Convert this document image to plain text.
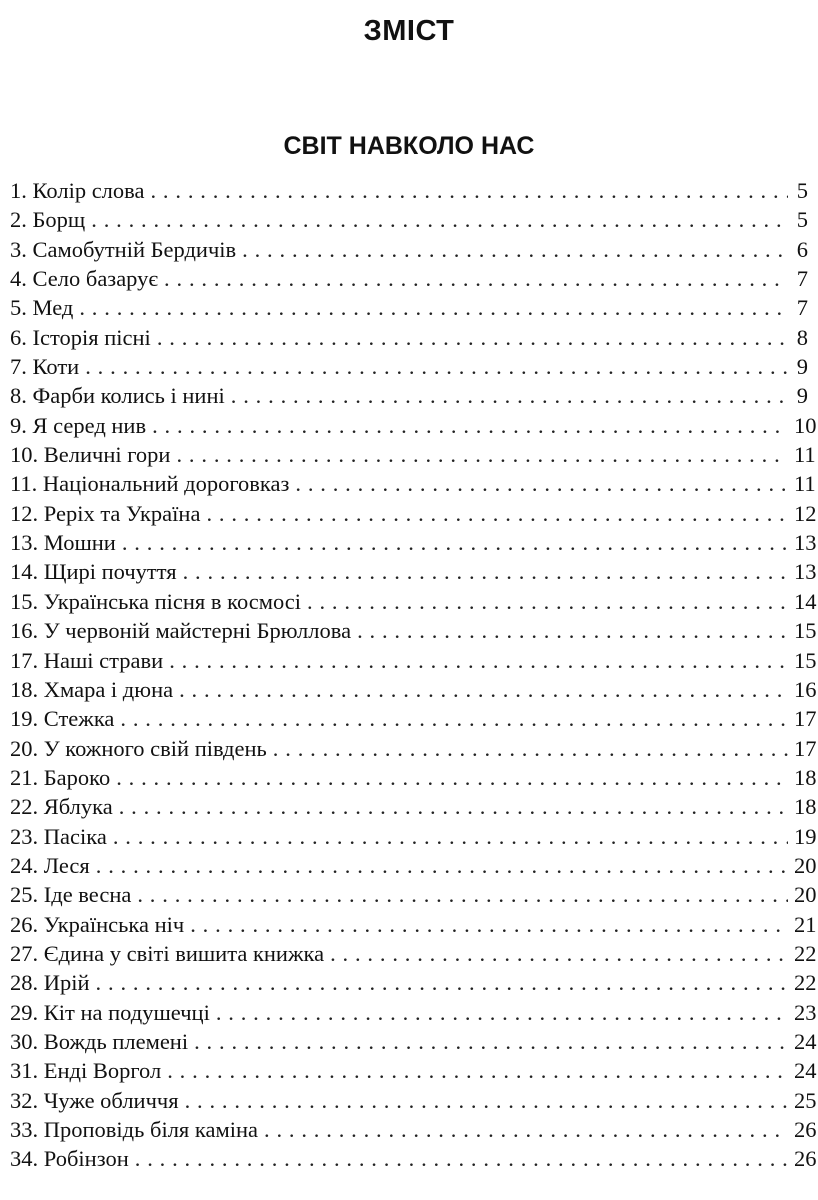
ЗМІСТ
СВІТ НАВКОЛО НАС
1. Колір слова . . .	5
2. Борщ . . .	5
3. Самобутній Бердичів . . .	6
4. Село базарує . . .	7
5. Мед . . .	7
6. Історія пісні . . .	8
7. Коти . . .	9
8. Фарби колись і нині . . .	9
9. Я серед нив . . .	10
10. Величні гори . . .	11
11. Національний дороговказ . . .	11
12. Реріх та Україна . . .	12
13. Мошни . . .	13
14. Щирі почуття . . .	13
15. Українська пісня в космосі . . .	14
16. У червоній майстерні Брюллова . . .	15
17. Наші страви . . .	15
18. Хмара і дюна . . .	16
19. Стежка . . .	17
20. У кожного свій південь . . .	17
21. Бароко . . .	18
22. Яблука . . .	18
23. Пасіка . . .	19
24. Леся . . .	20
25. Іде весна . . .	20
26. Українська ніч . . .	21
27. Єдина у світі вишита книжка . . .	22
28. Ирій . . .	22
29. Кіт на подушечці . . .	23
30. Вождь племені . . .	24
31. Енді Воргол . . .	24
32. Чуже обличчя . . .	25
33. Проповідь біля каміна . . .	26
34. Робінзон . . .	26
